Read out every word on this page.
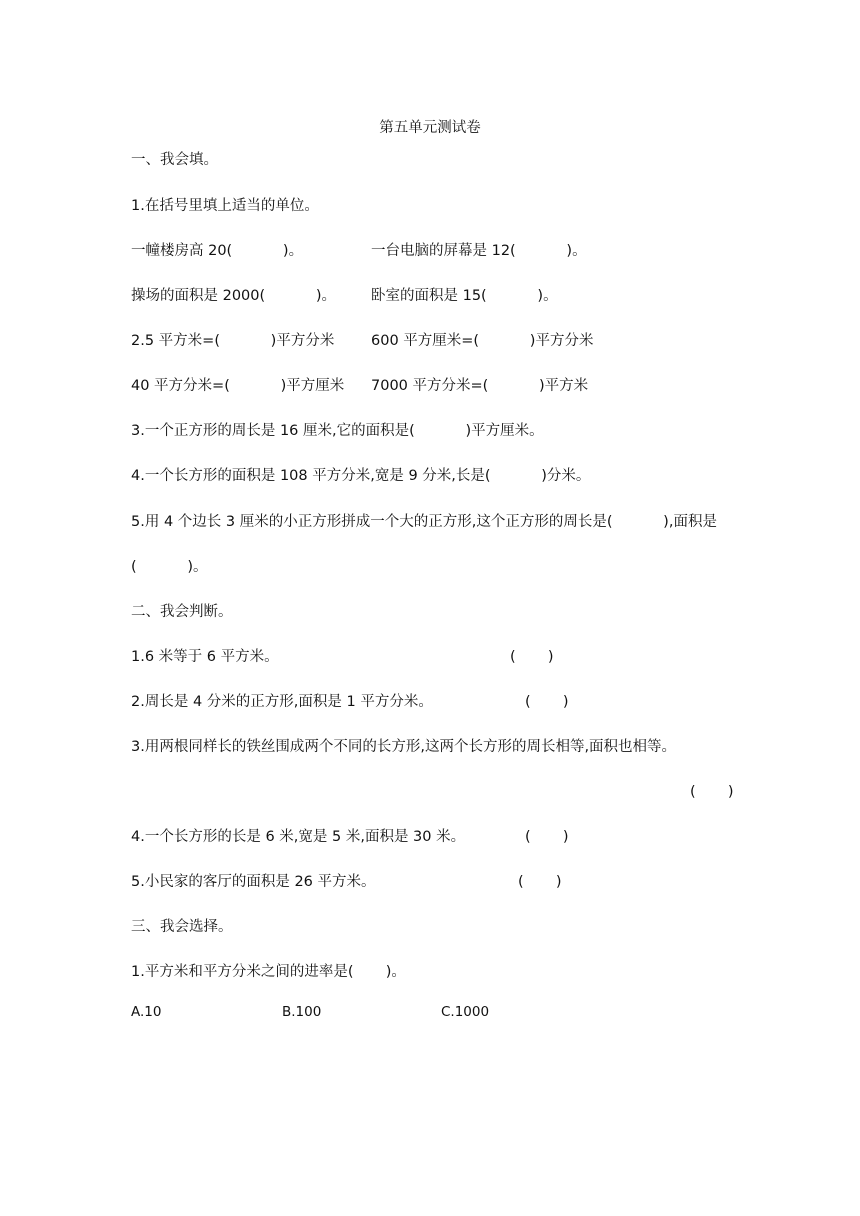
第五单元测试卷
一、我会填。
1.在括号里填上适当的单位。
一幢楼房高 20(           )。	一台电脑的屏幕是 12(           )。
操场的面积是 2000(           )。 卧室的面积是 15(           )。
2.5 平方米=(           )平方分米	600 平方厘米=(           )平方分米
40 平方分米=(           )平方厘米 7000 平方分米=(           )平方米
3.一个正方形的周长是 16 厘米,它的面积是(           )平方厘米。
4.一个长方形的面积是 108 平方分米,宽是 9 分米,长是(           )分米。
5.用 4 个边长 3 厘米的小正方形拼成一个大的正方形,这个正方形的周长是(           ),面积是
(           )。
二、我会判断。
1.6 米等于 6 平方米。	(       )
2.周长是 4 分米的正方形,面积是 1 平方分米。	(       )
3.用两根同样长的铁丝围成两个不同的长方形,这两个长方形的周长相等,面积也相等。
(       )
4.一个长方形的长是 6 米,宽是 5 米,面积是 30 米。	(       )
5.小民家的客厅的面积是 26 平方米。	(       )
三、我会选择。
1.平方米和平方分米之间的进率是(       )。
A.10	B.100	C.1000
